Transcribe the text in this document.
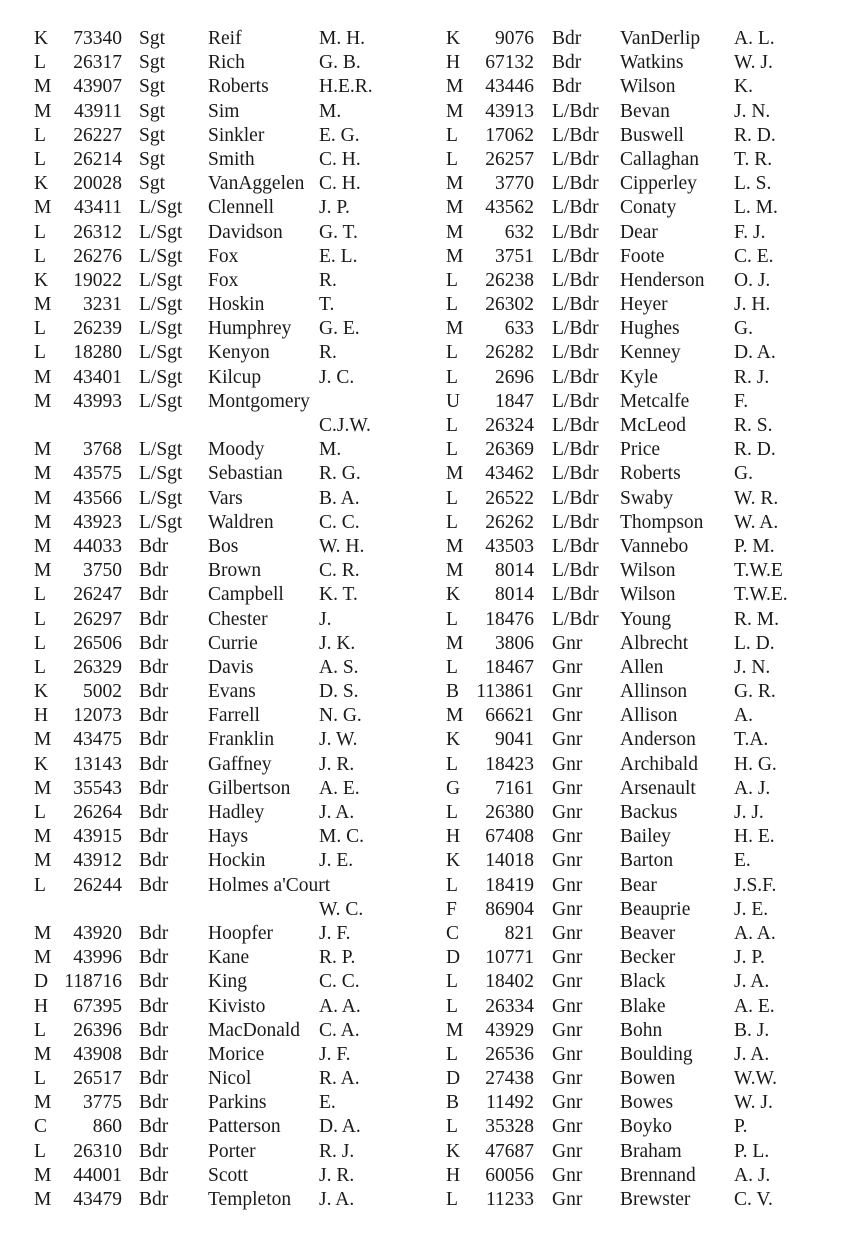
K 73340 Sgt Reif	M. H.
L 26317 Sgt Rich	G. B.
M 43907 Sgt Roberts	H.E.R.
M 43911 Sgt Sim	M.
L 26227 Sgt Sinkler	E. G.
L 26214 Sgt Smith	C. H.
K 20028 Sgt VanAggelen C. H.
M 43411 L/Sgt Clennell J. P.
L 26312 L/Sgt Davidson G. T.
L 26276 L/Sgt Fox	E. L.
K 19022 L/Sgt Fox	R.
M 3231 L/Sgt Hoskin	T.
L 26239 L/Sgt Humphrey G. E.
L 18280 L/Sgt Kenyon	R.
M 43401 L/Sgt Kilcup	J. C.
M 43993 L/Sgt Montgomery
C.J.W.
M 3768 L/Sgt Moody	M.
M 43575 L/Sgt Sebastian R. G.
M 43566 L/Sgt Vars	B. A.
M 43923 L/Sgt Waldren C. C.
M 44033 Bdr Bos	W. H.
M 3750 Bdr Brown	C. R.
L 26247 Bdr Campbell K. T.
L 26297 Bdr Chester	J.
L 26506 Bdr Currie	J. K.
L 26329 Bdr Davis	A. S.
K 5002 Bdr Evans	D. S.
H 12073 Bdr Farrell	N. G.
M 43475 Bdr Franklin J. W.
K 13143 Bdr Gaffney J. R.
M 35543 Bdr Gilbertson A. E.
L 26264 Bdr Hadley	J. A.
M 43915 Bdr Hays	M. C.
M 43912 Bdr Hockin	J. E.
L 26244 Bdr Holmes a'Court
W. C.
M 43920 Bdr Hoopfer J. F.
M 43996 Bdr Kane	R. P.
D 118716 Bdr King	C. C.
H 67395 Bdr Kivisto	A. A.
L 26396 Bdr MacDonald C. A.
M 43908 Bdr Morice	J. F.
L 26517 Bdr Nicol	R. A.
M 3775 Bdr Parkins	E.
C 860 Bdr Patterson D. A.
L 26310 Bdr Porter	R. J.
M 44001 Bdr Scott	J. R.
M 43479 Bdr Templeton J. A.
K 9076 Bdr VanDerlip A. L.
H 67132 Bdr Watkins	W. J.
M 43446 Bdr Wilson	K.
M 43913 L/Bdr Bevan	J. N.
L 17062 L/Bdr Buswell	R. D.
L 26257 L/Bdr Callaghan T. R.
M 3770 L/Bdr Cipperley L. S.
M 43562 L/Bdr Conaty	L. M.
M 632 L/Bdr Dear	F. J.
M 3751 L/Bdr Foote	C. E.
L 26238 L/Bdr Henderson O. J.
L 26302 L/Bdr Heyer	J. H.
M 633 L/Bdr Hughes	G.
L 26282 L/Bdr Kenney	D. A.
L 2696 L/Bdr Kyle	R. J.
U 1847 L/Bdr Metcalfe F.
L 26324 L/Bdr McLeod R. S.
L 26369 L/Bdr Price	R. D.
M 43462 L/Bdr Roberts	G.
L 26522 L/Bdr Swaby	W. R.
L 26262 L/Bdr Thompson W. A.
M 43503 L/Bdr Vannebo P. M.
M 8014 L/Bdr Wilson	T.W.E
K 8014 L/Bdr Wilson	T.W.E.
L 18476 L/Bdr Young	R. M.
M 3806 Gnr Albrecht L. D.
L 18467 Gnr Allen	J. N.
B 113861 Gnr Allinson G. R.
M 66621 Gnr Allison	A.
K 9041 Gnr Anderson T.A.
L 18423 Gnr Archibald H. G.
G 7161 Gnr Arsenault A. J.
L 26380 Gnr Backus	J. J.
H 67408 Gnr Bailey	H. E.
K 14018 Gnr Barton	E.
L 18419 Gnr Bear	J.S.F.
F 86904 Gnr Beauprie J. E.
C 821 Gnr Beaver	A. A.
D 10771 Gnr Becker	J. P.
L 18402 Gnr Black	J. A.
L 26334 Gnr Blake	A. E.
M 43929 Gnr Bohn	B. J.
L 26536 Gnr Boulding J. A.
D 27438 Gnr Bowen	W.W.
B 11492 Gnr Bowes	W. J.
L 35328 Gnr Boyko	P.
K 47687 Gnr Braham	P. L.
H 60056 Gnr Brennand A. J.
L 11233 Gnr Brewster C. V.
